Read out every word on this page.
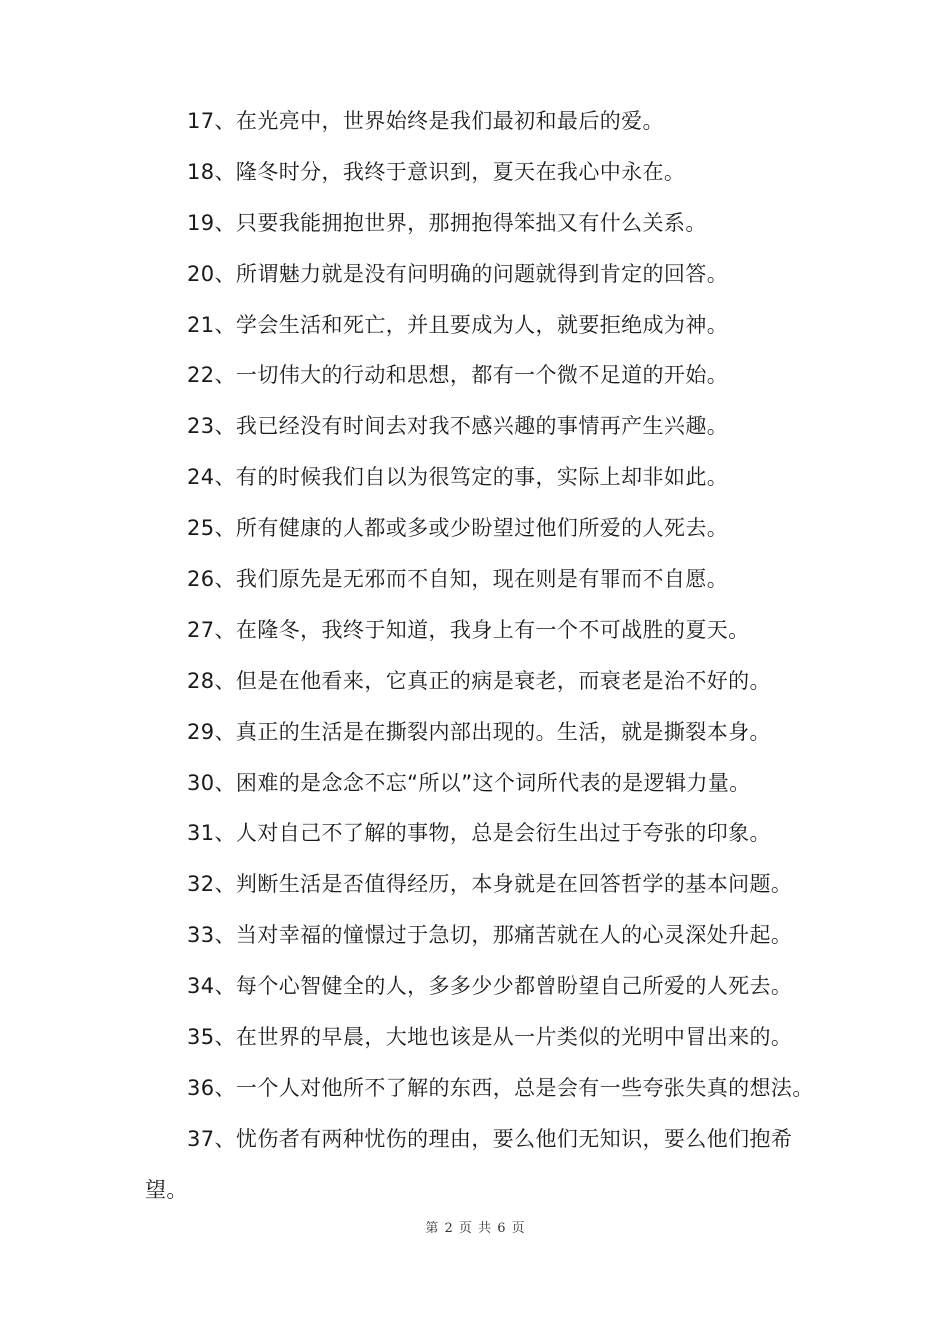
17、在光亮中，世界始终是我们最初和最后的爱。
18、隆冬时分，我终于意识到，夏天在我心中永在。
19、只要我能拥抱世界，那拥抱得笨拙又有什么关系。
20、所谓魅力就是没有问明确的问题就得到肯定的回答。
21、学会生活和死亡，并且要成为人，就要拒绝成为神。
22、一切伟大的行动和思想，都有一个微不足道的开始。
23、我已经没有时间去对我不感兴趣的事情再产生兴趣。
24、有的时候我们自以为很笃定的事，实际上却非如此。
25、所有健康的人都或多或少盼望过他们所爱的人死去。
26、我们原先是无邪而不自知，现在则是有罪而不自愿。
27、在隆冬，我终于知道，我身上有一个不可战胜的夏天。
28、但是在他看来，它真正的病是衰老，而衰老是治不好的。
29、真正的生活是在撕裂内部出现的。生活，就是撕裂本身。
30、困难的是念念不忘“所以”这个词所代表的是逻辑力量。
31、人对自己不了解的事物，总是会衍生出过于夸张的印象。
32、判断生活是否值得经历，本身就是在回答哲学的基本问题。
33、当对幸福的憧憬过于急切，那痛苦就在人的心灵深处升起。
34、每个心智健全的人，多多少少都曾盼望自己所爱的人死去。
35、在世界的早晨，大地也该是从一片类似的光明中冒出来的。
36、一个人对他所不了解的东西，总是会有一些夸张失真的想法。
37、忧伤者有两种忧伤的理由，要么他们无知识，要么他们抱希
望。
第 2 页 共 6 页
